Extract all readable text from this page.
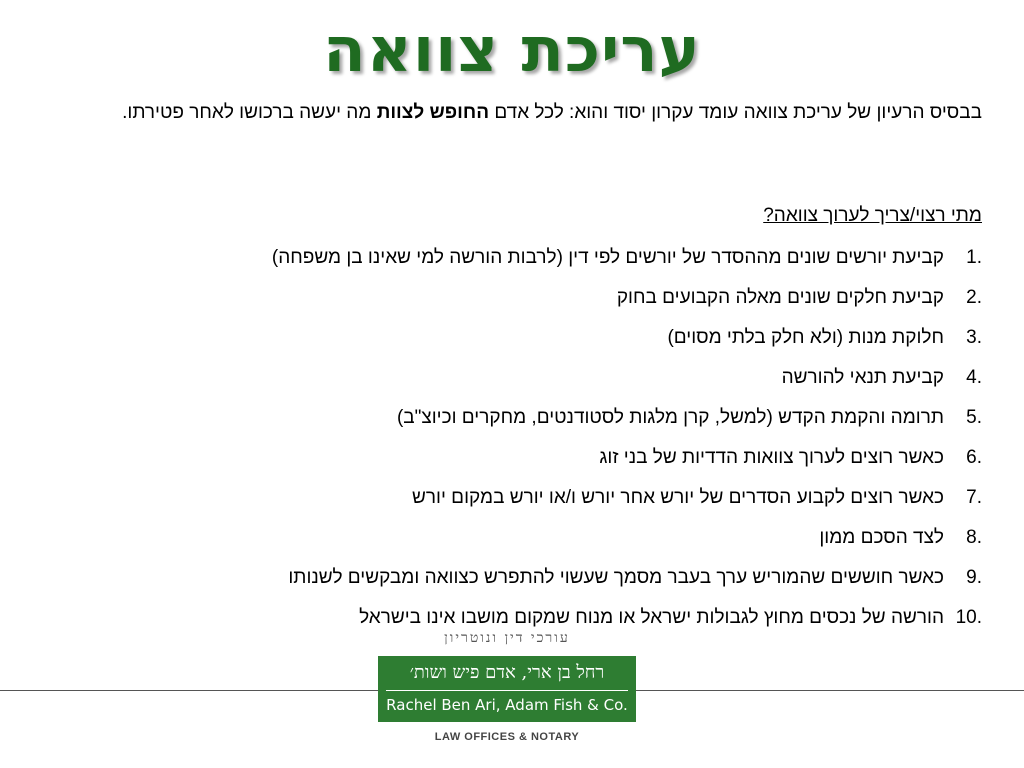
עריכת צוואה
בבסיס הרעיון של עריכת צוואה עומד עקרון יסוד והוא: לכל אדם החופש לצוות מה יעשה ברכושו לאחר פטירתו.
מתי רצוי/צריך לערוך צוואה?
1.
קביעת יורשים שונים מההסדר של יורשים לפי דין (לרבות הורשה למי שאינו בן משפחה)
2.
קביעת חלקים שונים מאלה הקבועים בחוק
3.
חלוקת מנות (ולא חלק בלתי מסוים)
4.
קביעת תנאי להורשה
5.
תרומה והקמת הקדש (למשל, קרן מלגות לסטודנטים, מחקרים וכיוצ"ב)
6.
כאשר רוצים לערוך צוואות הדדיות של בני זוג
7.
כאשר רוצים לקבוע הסדרים של יורש אחר יורש ו/או יורש במקום יורש
8.
לצד הסכם ממון
9.
כאשר חוששים שהמוריש ערך בעבר מסמך שעשוי להתפרש כצוואה ומבקשים לשנותו
10.
הורשה של נכסים מחוץ לגבולות ישראל או מנוח שמקום מושבו אינו בישראל
עורכי דין ונוטריון
רחל בן ארי, אדם פיש ושות׳
Rachel Ben Ari, Adam Fish & Co.
LAW OFFICES & NOTARY
